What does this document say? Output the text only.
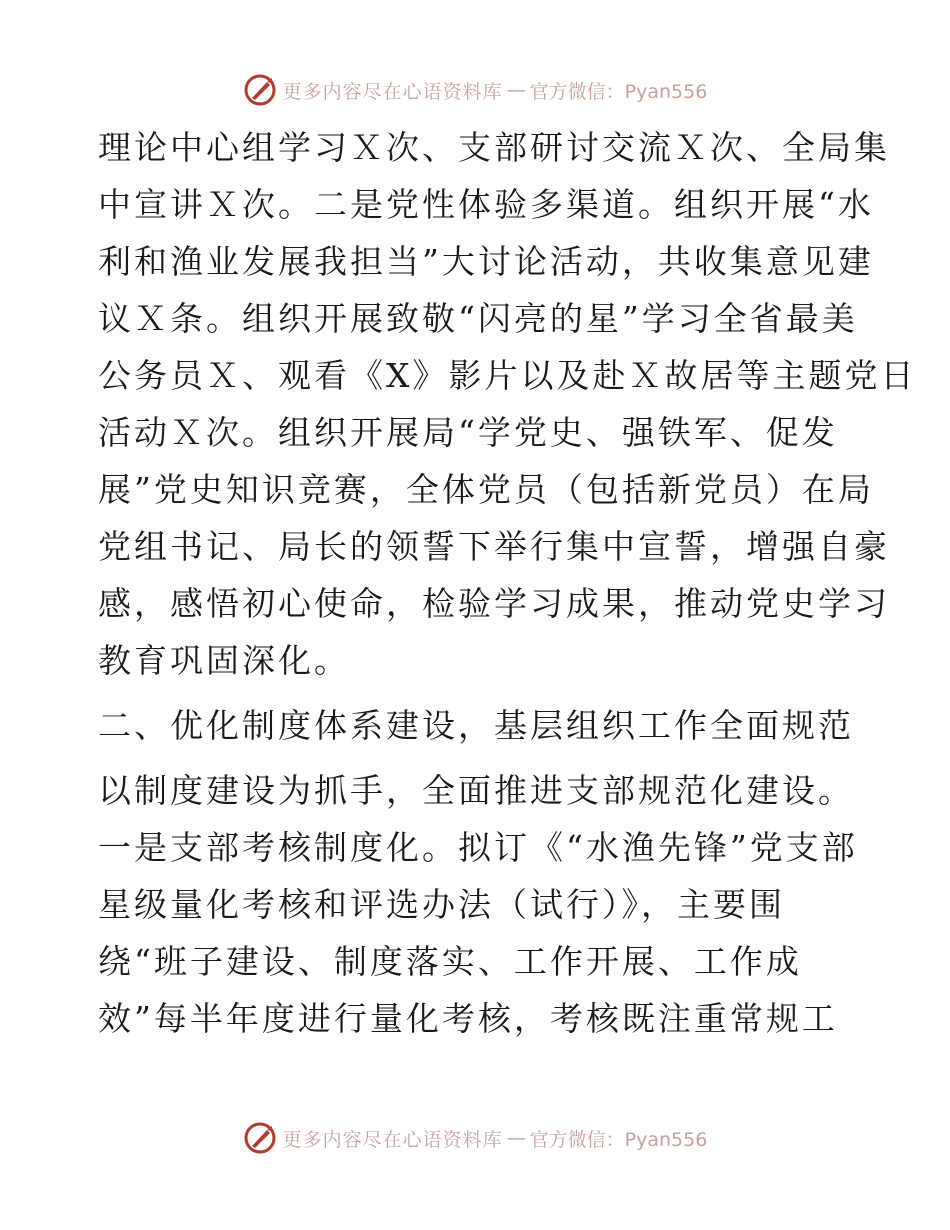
更多内容尽在心语资料库 — 官方微信：Pyan556
理论中心组学习Ｘ次、支部研讨交流Ｘ次、全局集
中宣讲Ｘ次。二是党性体验多渠道。组织开展“水
利和渔业发展我担当”大讨论活动，共收集意见建
议Ｘ条。组织开展致敬“闪亮的星”学习全省最美
公务员Ｘ、观看《X》影片以及赴Ｘ故居等主题党日
活动Ｘ次。组织开展局“学党史、强铁军、促发
展”党史知识竞赛，全体党员（包括新党员）在局
党组书记、局长的领誓下举行集中宣誓，增强自豪
感，感悟初心使命，检验学习成果，推动党史学习
教育巩固深化。
二、优化制度体系建设，基层组织工作全面规范
以制度建设为抓手，全面推进支部规范化建设。
一是支部考核制度化。拟订《“水渔先锋”党支部
星级量化考核和评选办法（试行）》，主要围
绕“班子建设、制度落实、工作开展、工作成
效”每半年度进行量化考核，考核既注重常规工
更多内容尽在心语资料库 — 官方微信：Pyan556
